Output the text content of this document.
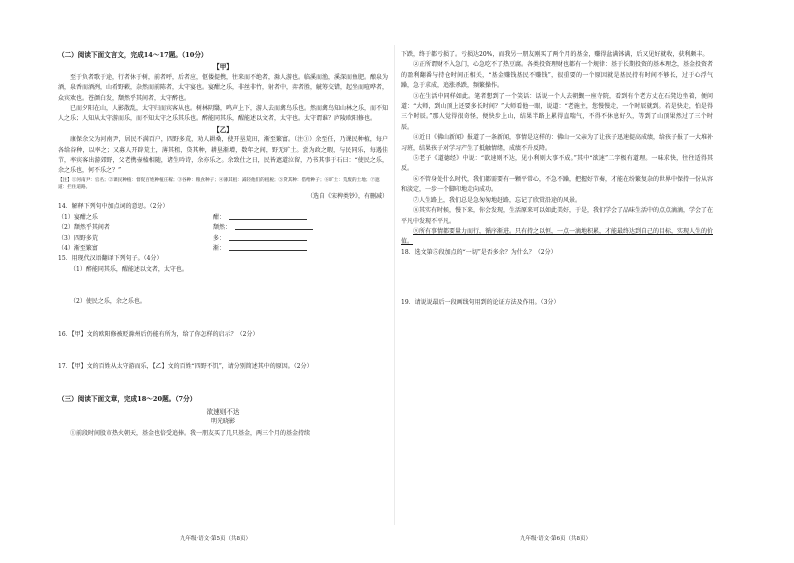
（二）阅读下面文言文，完成14～17题。（10分）
【甲】

至于负者歌于途，行者休于树，前者呼，后者应，伛偻提携，往来而不绝者，滁人游也。临溪而渔，溪深而鱼肥。酿泉为酒，泉香而酒洌，山肴野蔌，杂然而前陈者，太守宴也。宴酣之乐，非丝非竹，射者中，弈者胜，觥筹交错，起坐而喧哗者，众宾欢也。苍颜白发，颓然乎其间者，太守醉也。

已而夕阳在山，人影散乱，太守归而宾客从也。树林阴翳，鸣声上下，游人去而禽鸟乐也。然而禽鸟知山林之乐，而不知人之乐；人知从太守游而乐，而不知太守之乐其乐也。醉能同其乐，醒能述以文者，太守也。太守谓谁？庐陵欧阳修也。

【乙】

康保余父为河南尹，居民不满百户，四野多荒，劝人耕桑，使开垦荒田，渐至繁富。（注①）余至任，乃课民种植，每户各给谷种，以率之；又募人开辟荒土，薄其租，贷其种，耕垦渐增，数年之间，野无旷土。尝为政之暇，与民同乐，每遇佳节，率宾客出游郊野，父老携壶榼相随，诸生吟诗，余亦乐之。余致仕之日，民皆遮道泣留，乃书其事于石曰：“使民之乐，余之乐也，何不乐之？”

【注】①河南尹：官名；②课民种植：督促百姓种植庄稼；③谷种：粮食种子；④薄其租：减轻他们的租税；⑤贷其种：借给种子；⑥旷土：荒废的土地；⑦遮道：拦住道路。

（选自《宋稗类钞》，有删减）

14．解释下列句中加点词的意思。（2分）

（1）宴酣之乐	酣：
（2）颓然乎其间者	颓然：
（3）四野多荒	多：
（4）渐至繁富	渐：

15．用现代汉语翻译下列句子。（4分）

（1）醉能同其乐，醒能述以文者，太守也。

（2）使民之乐，余之乐也。

16．【甲】文的欧阳修被贬滁州后仍能有所为，给了你怎样的启示？（2分）

17．【甲】文的百姓从太守游而乐，【乙】文的百姓“四野不饥”，请分别简述其中的原因。（2分）

（三）阅读下面文章，完成18～20题。（7分）

欲速则不达

明光晓影

①前段时间股市热火朝天，基金也倍受追捧。我一朋友买了几只基金，两三个月的基金持续

下跌，终于都亏损了。亏损达20%，而我另一朋友刚买了两个月的基金，赚得盆满钵满，后又见好就收，获利颇丰。

②正所谓财不入急门，心急吃不了热豆腐。各类投资理财也都有一个规律：基于长期投资的基本理念，基金投资者的盈利翻番与持仓时间正相关，“基金赚钱基民不赚钱”，很重要的一个原因就是基民持有时间不够长，过于心浮气躁，急于求成，追涨杀跌，频繁操作。

③在生活中同样如此。笔者想到了一个笑话：话说一个人去朝觐一座寺院，看到有个老方丈在石凳边坐着，便问道：“大师，到山顶上还要多长时间？”大师看他一眼，说道：“老施主，您慢慢走，一个时辰就到。若是快走，怕是得三个时辰。”那人觉得很奇怪，便快步上山，结果半路上累得直喘气，不得不休息好久，等到了山顶果然过了三个时辰。

④近日《佛山新闻》报道了一条新闻，事情是这样的：佛山一父亲为了让孩子迅速提高成绩，给孩子报了一大堆补习班，结果孩子对学习产生了抵触情绪，成绩不升反降。

⑤老子《道德经》中说：“欲速则不达，见小利则大事不成。”其中“欲速”二字极有道理。一味求快，往往适得其反。

⑥不管身处什么时代，我们都需要有一颗平常心，不急不躁，把握好节奏，才能在纷繁复杂的世界中保持一份从容和淡定，一步一个脚印地走向成功。

⑦人生路上，我们总是急匆匆地赶路，忘记了欣赏沿途的风景。

⑧其实有时候，慢下来，你会发现，生活原来可以如此美好，于是，我们学会了品味生活中的点点滴滴，学会了在平凡中发现不平凡。

⑨所有事情都要量力而行，循序渐进。只有持之以恒，一点一滴地积累，才能最终达到自己的目标，实现人生的价值。

18．选文第⑤段加点的“一切”是否多余？为什么？（2分）

19．请说说最后一段画线句用到的论证方法及作用。（3分）

九年级·语文·第5页（共8页）	九年级·语文·第6页（共8页）
